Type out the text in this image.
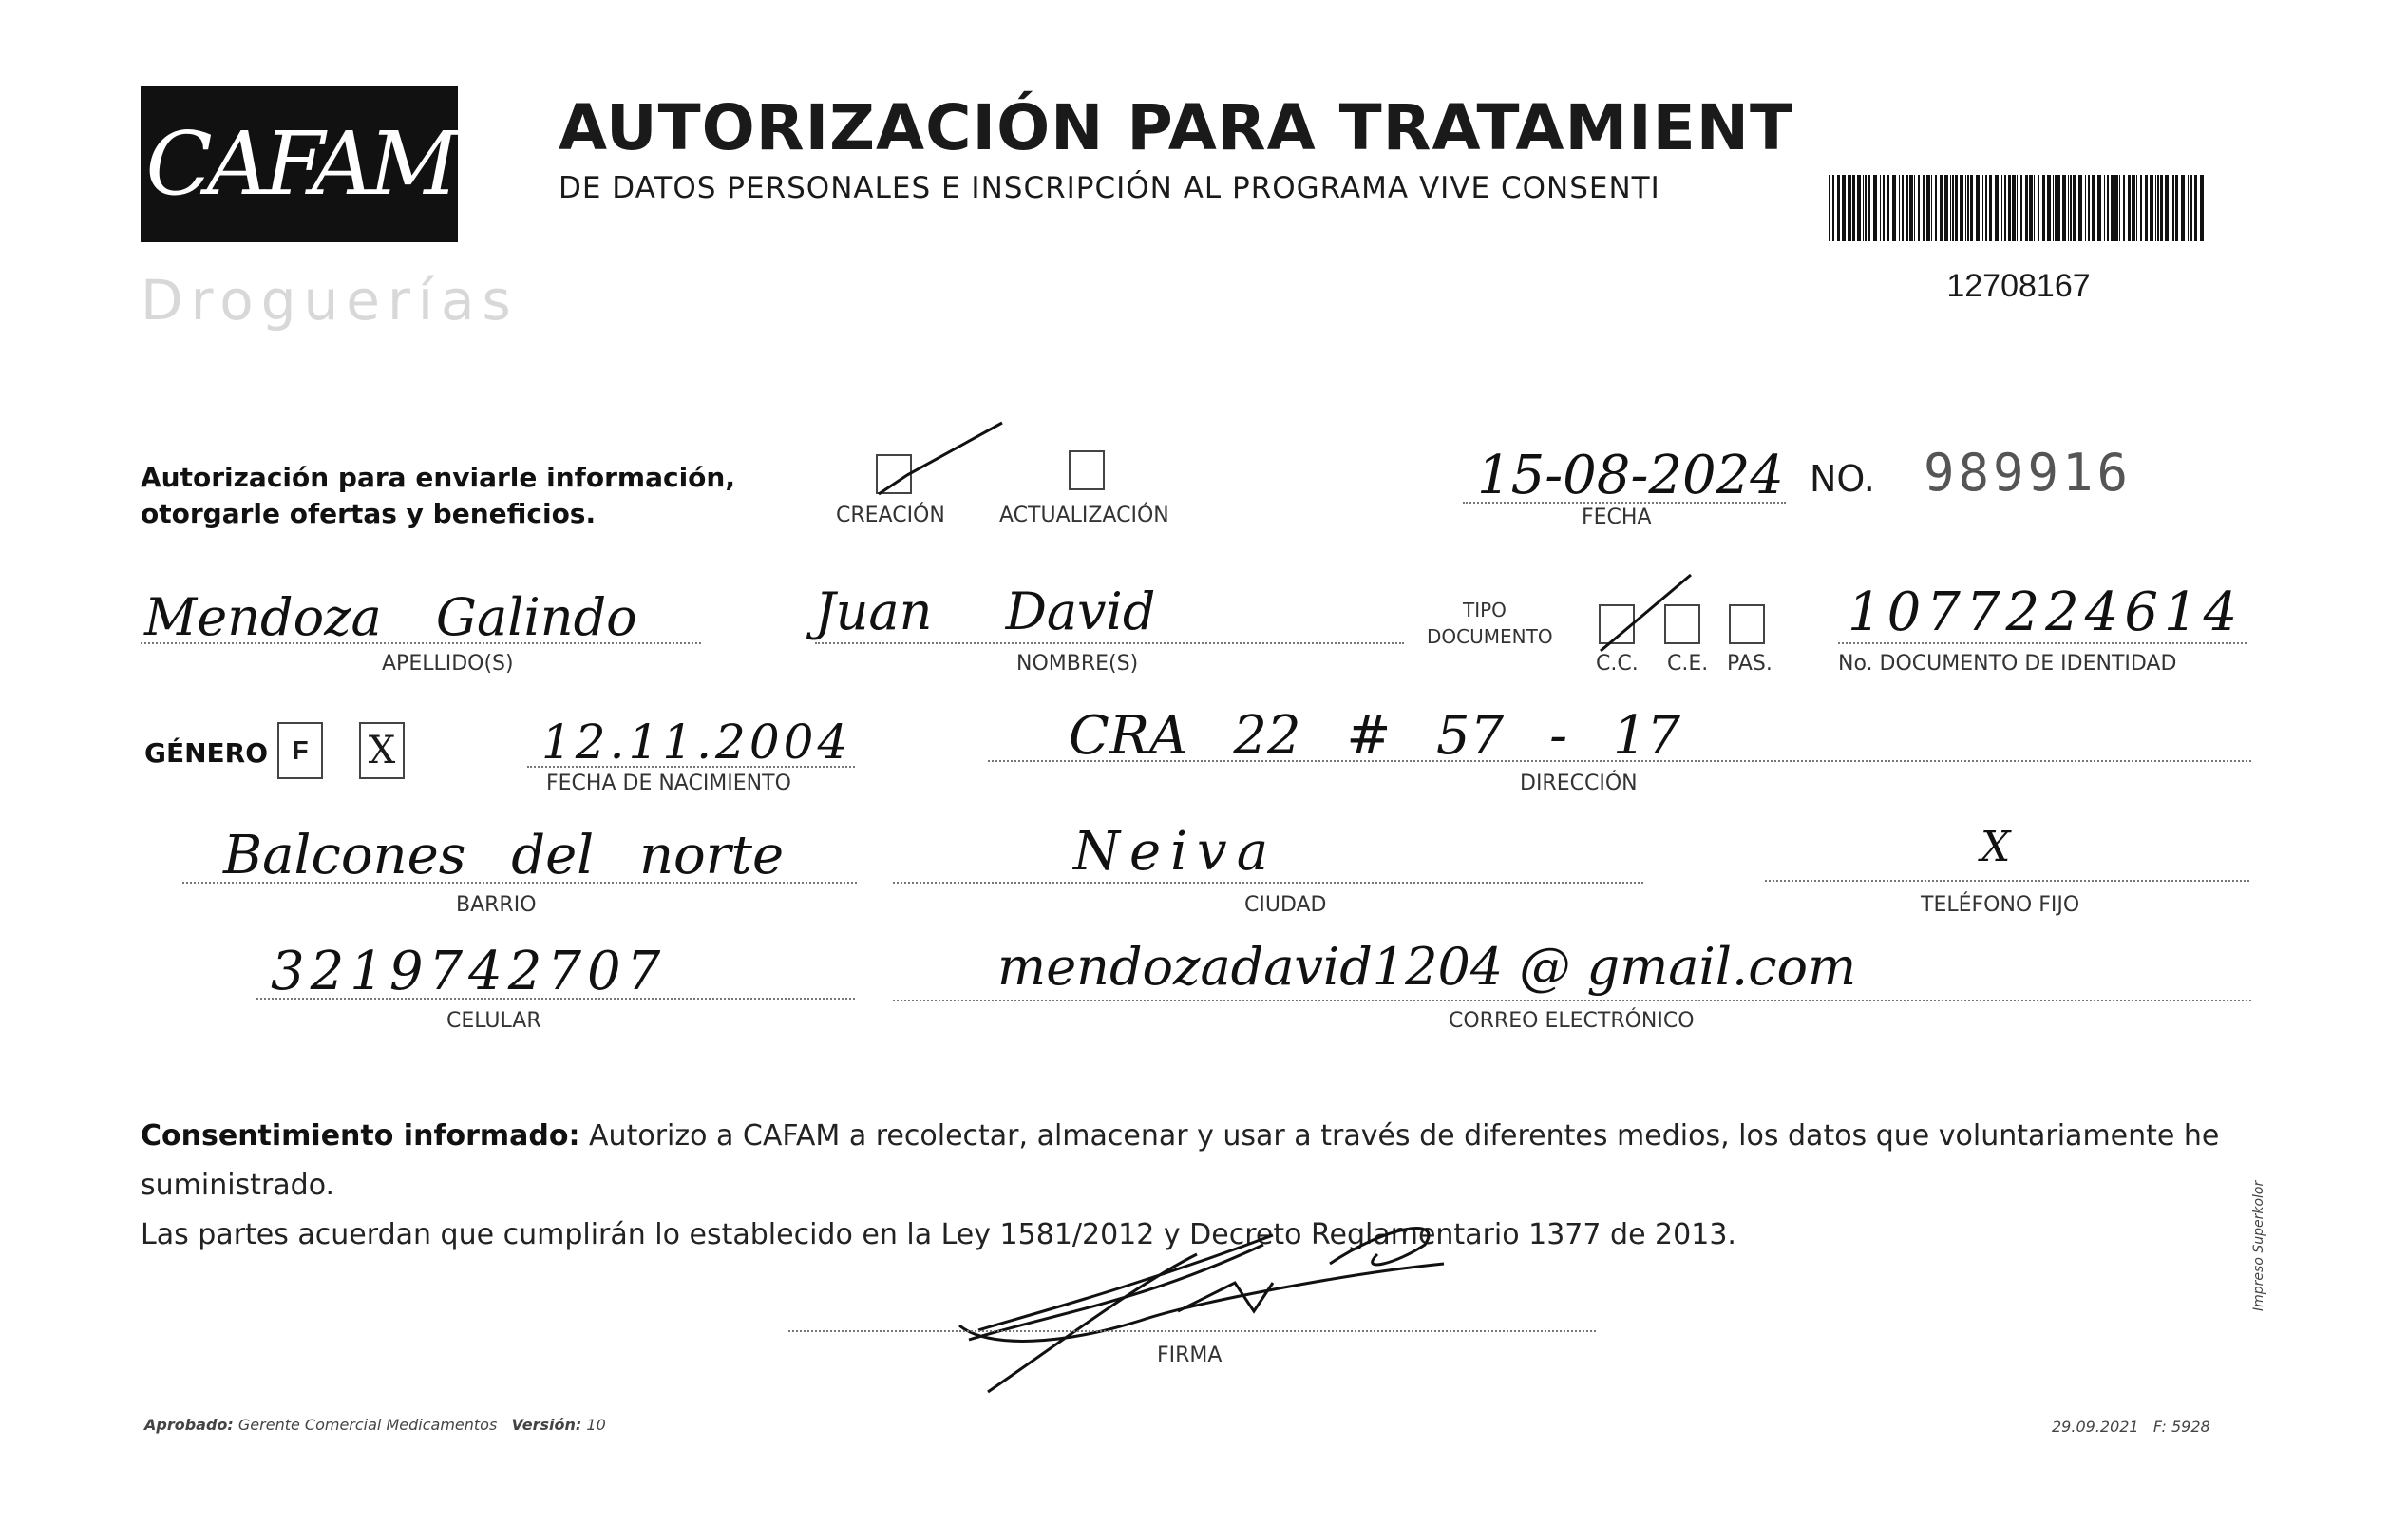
CAFAM
Droguerías
AUTORIZACIÓN PARA TRATAMIENT
DE DATOS PERSONALES E INSCRIPCIÓN AL PROGRAMA VIVE CONSENTI
12708167
Autorización para enviarle información,
otorgarle ofertas y beneficios.	CREACIÓN	ACTUALIZACIÓN
15-08-2024
FECHA
NO. 989916
Mendoza Galindo
APELLIDO(S)
Juan David
NOMBRE(S)
TIPO
DOCUMENTO
C.C. C.E. PAS.
1077224614
No. DOCUMENTO DE IDENTIDAD
GÉNERO F	X	12.11.2004
FECHA DE NACIMIENTO
CRA 22 # 57 - 17
DIRECCIÓN
Balcones del norte
BARRIO
Neiva
CIUDAD
X
TELÉFONO FIJO
3219742707
CELULAR
mendozadavid1204 @ gmail.com
CORREO ELECTRÓNICO
Consentimiento informado: Autorizo a CAFAM a recolectar, almacenar y usar a través de diferentes medios, los datos que voluntariamente he suministrado.
Las partes acuerdan que cumplirán lo establecido en la Ley 1581/2012 y Decreto Reglamentario 1377 de 2013.
FIRMA
Aprobado: Gerente Comercial Medicamentos Versión: 10	29.09.2021 F: 5928
Impreso Superkolor
